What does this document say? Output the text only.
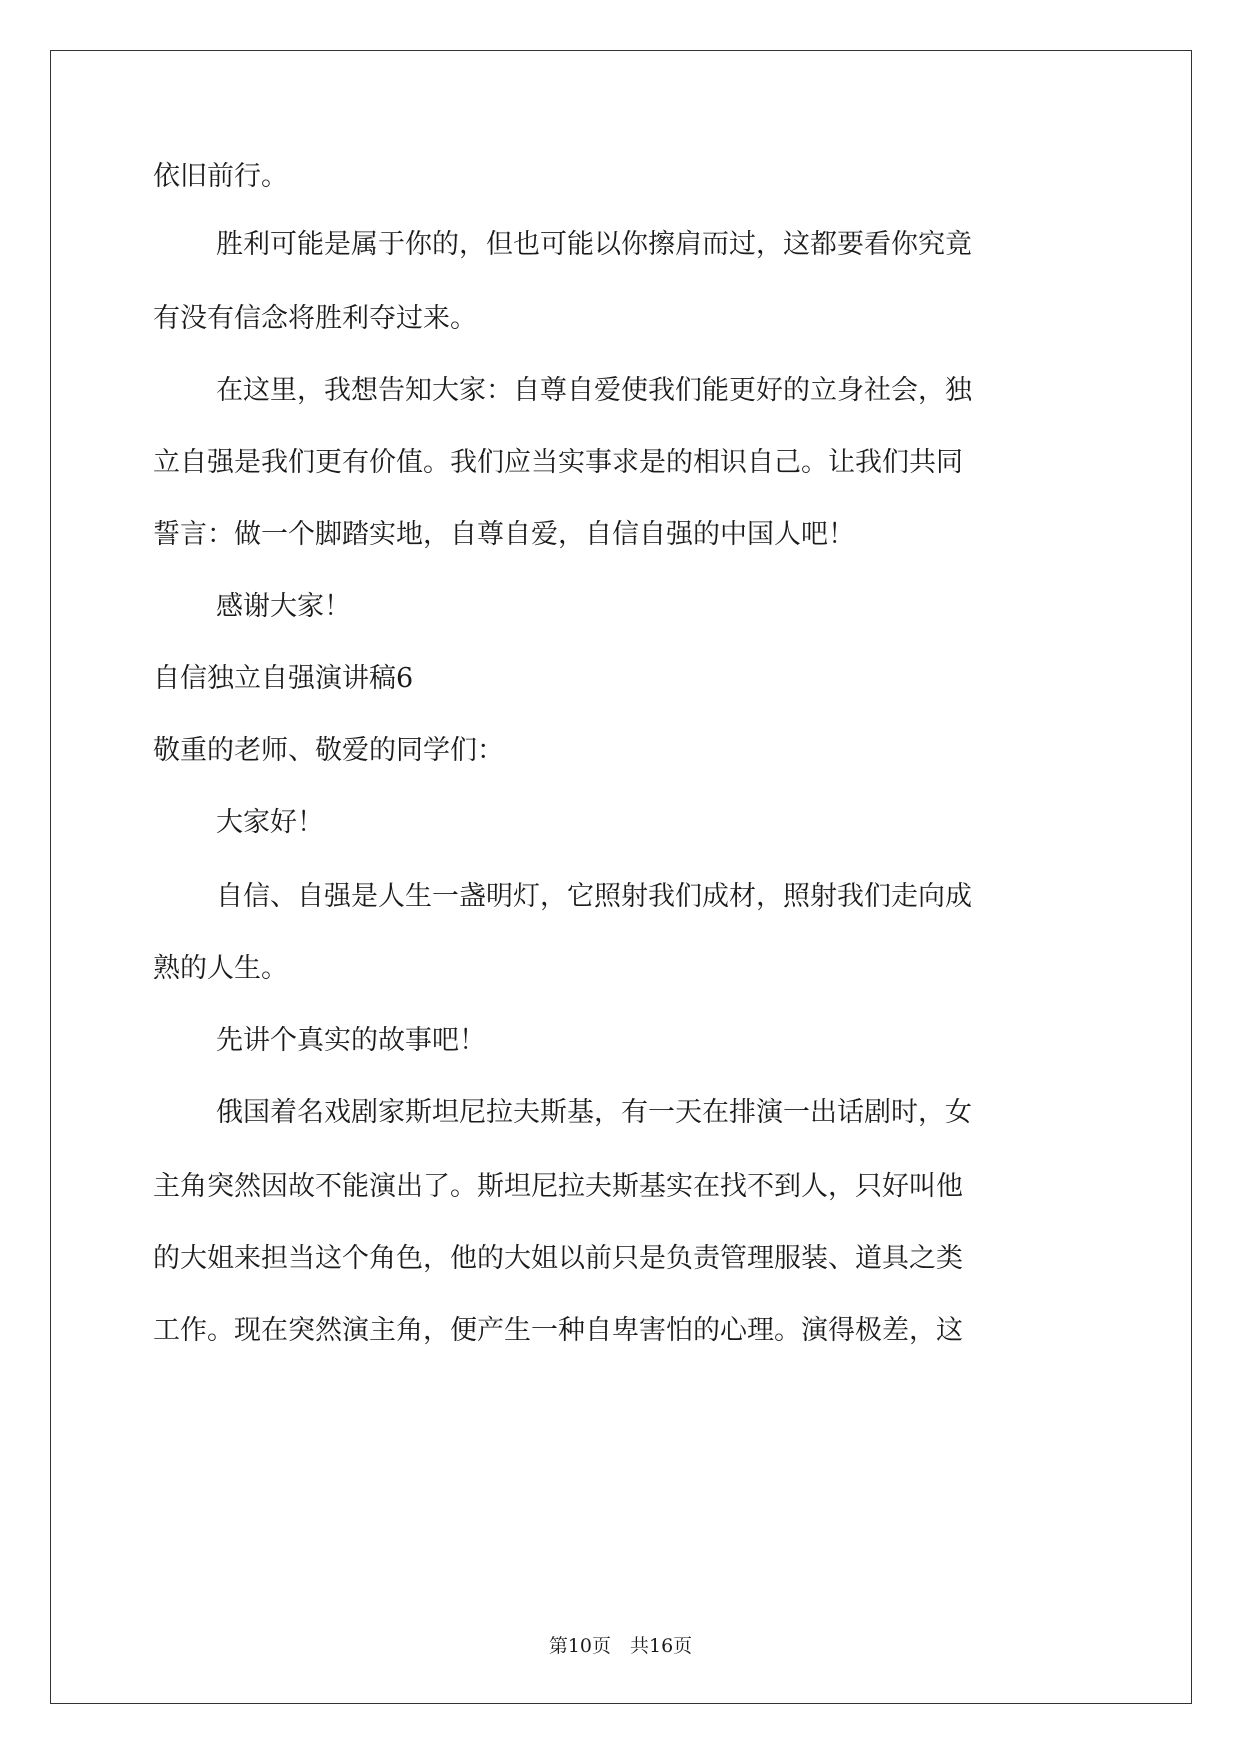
依旧前行。
胜利可能是属于你的，但也可能以你擦肩而过，这都要看你究竟
有没有信念将胜利夺过来。
在这里，我想告知大家：自尊自爱使我们能更好的立身社会，独
立自强是我们更有价值。我们应当实事求是的相识自己。让我们共同
誓言：做一个脚踏实地，自尊自爱，自信自强的中国人吧！
感谢大家！
自信独立自强演讲稿6
敬重的老师、敬爱的同学们：
大家好！
自信、自强是人生一盏明灯，它照射我们成材，照射我们走向成
熟的人生。
先讲个真实的故事吧！
俄国着名戏剧家斯坦尼拉夫斯基，有一天在排演一出话剧时，女
主角突然因故不能演出了。斯坦尼拉夫斯基实在找不到人，只好叫他
的大姐来担当这个角色，他的大姐以前只是负责管理服装、道具之类
工作。现在突然演主角，便产生一种自卑害怕的心理。演得极差，这
第10页　共16页
